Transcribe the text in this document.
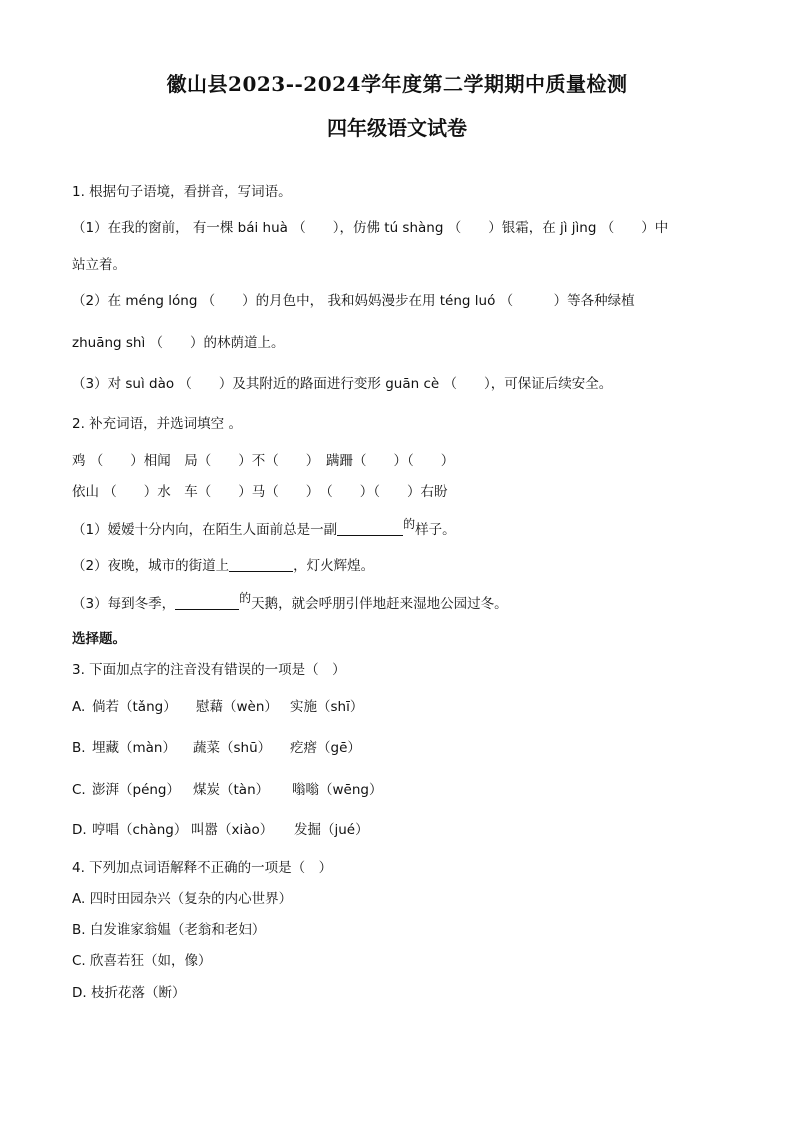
徽山县2023--2024学年度第二学期期中质量检测
四年级语文试卷
1. 根据句子语境，看拼音，写词语。
（1）在我的窗前， 有一棵 bái huà （　　），仿佛 tú shàng （　　）银霜，在 jì jìng （　　）中
站立着。
（2）在 méng lóng （　　）的月色中， 我和妈妈漫步在用 téng luó （　　　）等各种绿植
zhuāng shì （　　）的林荫道上。
（3）对 suì dào （　　）及其附近的路面进行变形 guān cè （　　），可保证后续安全。
2. 补充词语，并选词填空 。
鸡 （　　）相闻　局（　　）不（　　）　蹒跚（　　）（　　）
依山 （　　）水　车（　　）马（　　）　（　　）（　　）右盼
（1）嫒嫒十分内向，在陌生人面前总是一副	的样子。
（2）夜晚，城市的街道上	，灯火辉煌。
（3）每到冬季，	的天鹅，就会呼朋引伴地赶来湿地公园过冬。
选择题。
3. 下面加点字的注音没有错误的一项是（　）
A. 倘若（tǎng） 慰藉（wèn） 实施（shī）
B. 埋藏（màn） 蔬菜（shū） 疙瘩（gē）
C. 澎湃（péng） 煤炭（tàn） 嗡嗡（wēng）
D. 哼唱（chàng） 叫嚣（xiào） 发掘（jué）
4. 下列加点词语解释不正确的一项是（　）
A. 四时田园杂兴（复杂的内心世界）
B. 白发谁家翁媪（老翁和老妇）
C. 欣喜若狂（如，像）
D. 枝折花落（断）
